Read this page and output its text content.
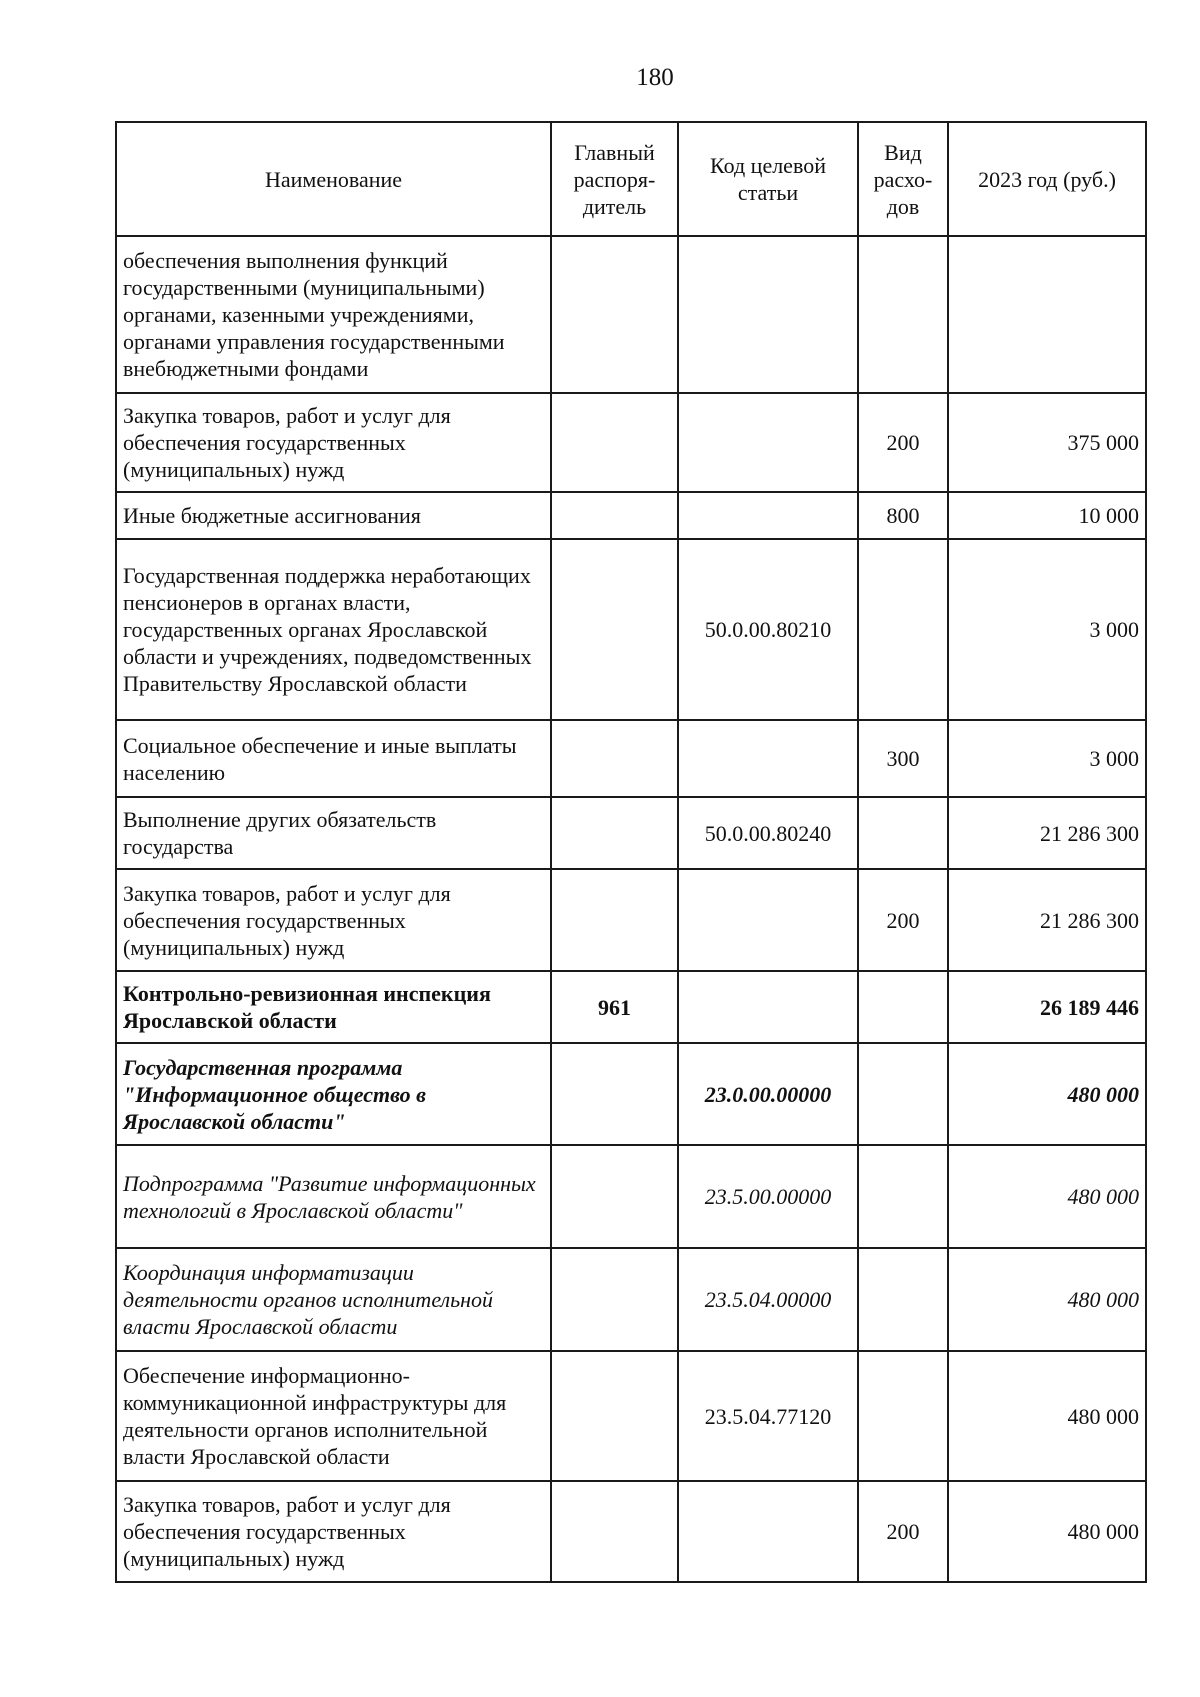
180
Наименование	Главный распоря-дитель	Код целевой статьи	Вид расхо-дов	2023 год (руб.)
обеспечения выполнения функций государственными (муниципальными) органами, казенными учреждениями, органами управления государственными внебюджетными фондами				
Закупка товаров, работ и услуг для обеспечения государственных (муниципальных) нужд			200	375 000
Иные бюджетные ассигнования			800	10 000
Государственная поддержка неработающих пенсионеров в органах власти, государственных органах Ярославской области и учреждениях, подведомственных Правительству Ярославской области		50.0.00.80210		3 000
Социальное обеспечение и иные выплаты населению			300	3 000
Выполнение других обязательств государства		50.0.00.80240		21 286 300
Закупка товаров, работ и услуг для обеспечения государственных (муниципальных) нужд			200	21 286 300
Контрольно-ревизионная инспекция Ярославской области	961			26 189 446
Государственная программа "Информационное общество в Ярославской области"		23.0.00.00000		480 000
Подпрограмма "Развитие информационных технологий в Ярославской области"		23.5.00.00000		480 000
Координация информатизации деятельности органов исполнительной власти Ярославской области		23.5.04.00000		480 000
Обеспечение информационно-коммуникационной инфраструктуры для деятельности органов исполнительной власти Ярославской области		23.5.04.77120		480 000
Закупка товаров, работ и услуг для обеспечения государственных (муниципальных) нужд			200	480 000
